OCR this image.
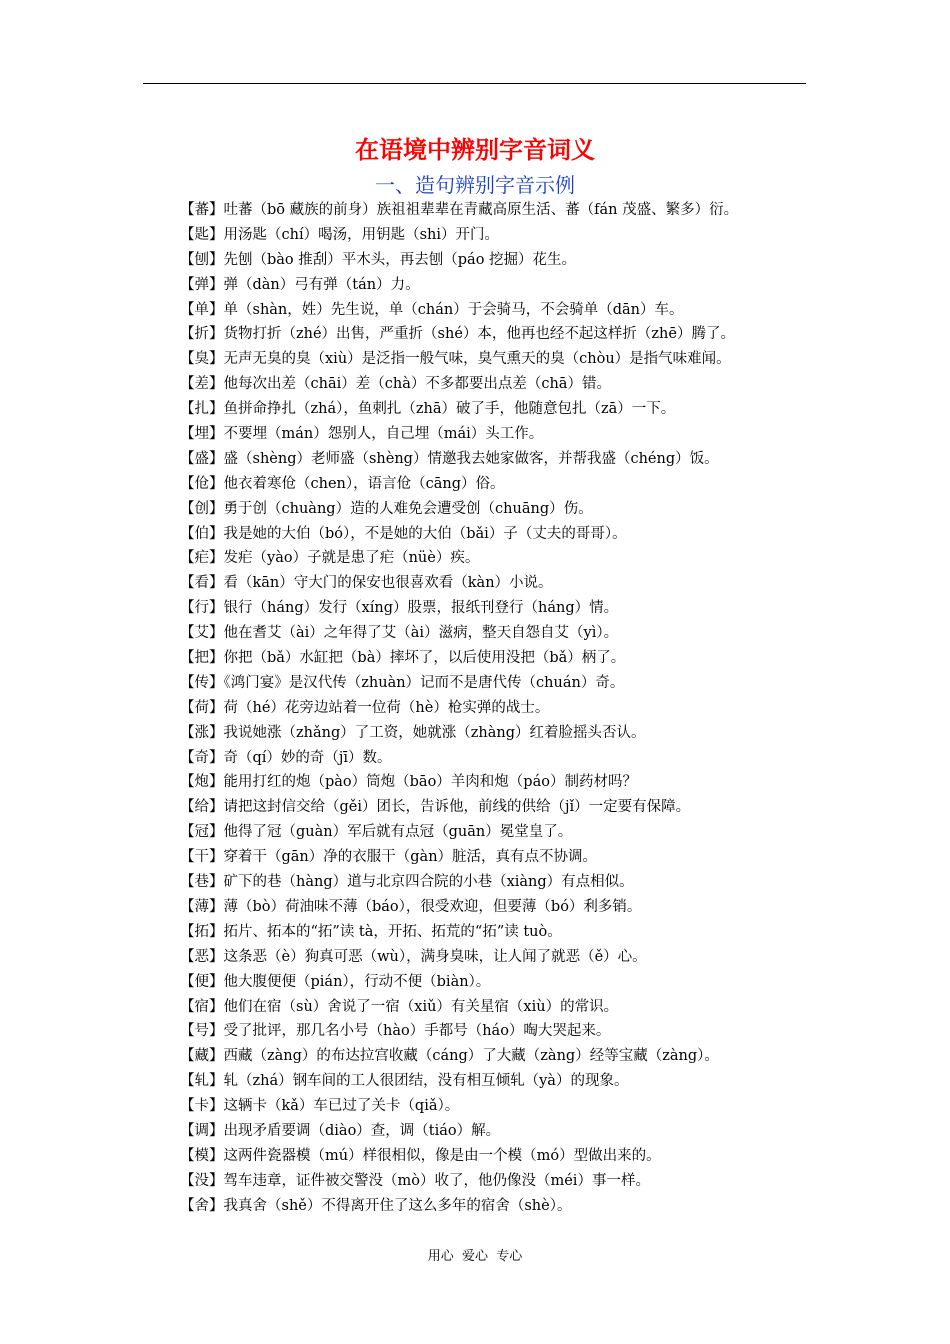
在语境中辨别字音词义
一、造句辨别字音示例
【蕃】吐蕃（bō 藏族的前身）族祖祖辈辈在青藏高原生活、蕃（fán 茂盛、繁多）衍。
【匙】用汤匙（chí）喝汤，用钥匙（shi）开门。
【刨】先刨（bào 推刮）平木头，再去刨（páo 挖掘）花生。
【弹】弹（dàn）弓有弹（tán）力。
【单】单（shàn，姓）先生说，单（chán）于会骑马，不会骑单（dān）车。
【折】货物打折（zhé）出售，严重折（shé）本，他再也经不起这样折（zhē）腾了。
【臭】无声无臭的臭（xiù）是泛指一般气味，臭气熏天的臭（chòu）是指气味难闻。
【差】他每次出差（chāi）差（chà）不多都要出点差（chā）错。
【扎】鱼拼命挣扎（zhá），鱼刺扎（zhā）破了手，他随意包扎（zā）一下。
【埋】不要埋（mán）怨别人，自己埋（mái）头工作。
【盛】盛（shèng）老师盛（shèng）情邀我去她家做客，并帮我盛（chéng）饭。
【伧】他衣着寒伧（chen），语言伧（cāng）俗。
【创】勇于创（chuàng）造的人难免会遭受创（chuāng）伤。
【伯】我是她的大伯（bó），不是她的大伯（bǎi）子（丈夫的哥哥）。
【疟】发疟（yào）子就是患了疟（nüè）疾。
【看】看（kān）守大门的保安也很喜欢看（kàn）小说。
【行】银行（háng）发行（xíng）股票，报纸刊登行（háng）情。
【艾】他在耆艾（ài）之年得了艾（ài）滋病，整天自怨自艾（yì）。
【把】你把（bǎ）水缸把（bà）摔坏了，以后使用没把（bǎ）柄了。
【传】《鸿门宴》是汉代传（zhuàn）记而不是唐代传（chuán）奇。
【荷】荷（hé）花旁边站着一位荷（hè）枪实弹的战士。
【涨】我说她涨（zhǎng）了工资，她就涨（zhàng）红着脸摇头否认。
【奇】奇（qí）妙的奇（jī）数。
【炮】能用打红的炮（pào）筒炮（bāo）羊肉和炮（páo）制药材吗？
【给】请把这封信交给（gěi）团长，告诉他，前线的供给（jǐ）一定要有保障。
【冠】他得了冠（guàn）军后就有点冠（guān）冕堂皇了。
【干】穿着干（gān）净的衣服干（gàn）脏活，真有点不协调。
【巷】矿下的巷（hàng）道与北京四合院的小巷（xiàng）有点相似。
【薄】薄（bò）荷油味不薄（báo），很受欢迎，但要薄（bó）利多销。
【拓】拓片、拓本的“拓”读 tà，开拓、拓荒的“拓”读 tuò。
【恶】这条恶（è）狗真可恶（wù），满身臭味，让人闻了就恶（ě）心。
【便】他大腹便便（pián），行动不便（biàn）。
【宿】他们在宿（sù）舍说了一宿（xiǔ）有关星宿（xiù）的常识。
【号】受了批评，那几名小号（hào）手都号（háo）啕大哭起来。
【藏】西藏（zàng）的布达拉宫收藏（cáng）了大藏（zàng）经等宝藏（zàng）。
【轧】轧（zhá）钢车间的工人很团结，没有相互倾轧（yà）的现象。
【卡】这辆卡（kǎ）车已过了关卡（qiǎ）。
【调】出现矛盾要调（diào）查，调（tiáo）解。
【模】这两件瓷器模（mú）样很相似，像是由一个模（mó）型做出来的。
【没】驾车违章，证件被交警没（mò）收了，他仍像没（méi）事一样。
【舍】我真舍（shě）不得离开住了这么多年的宿舍（shè）。
用心  爱心  专心
